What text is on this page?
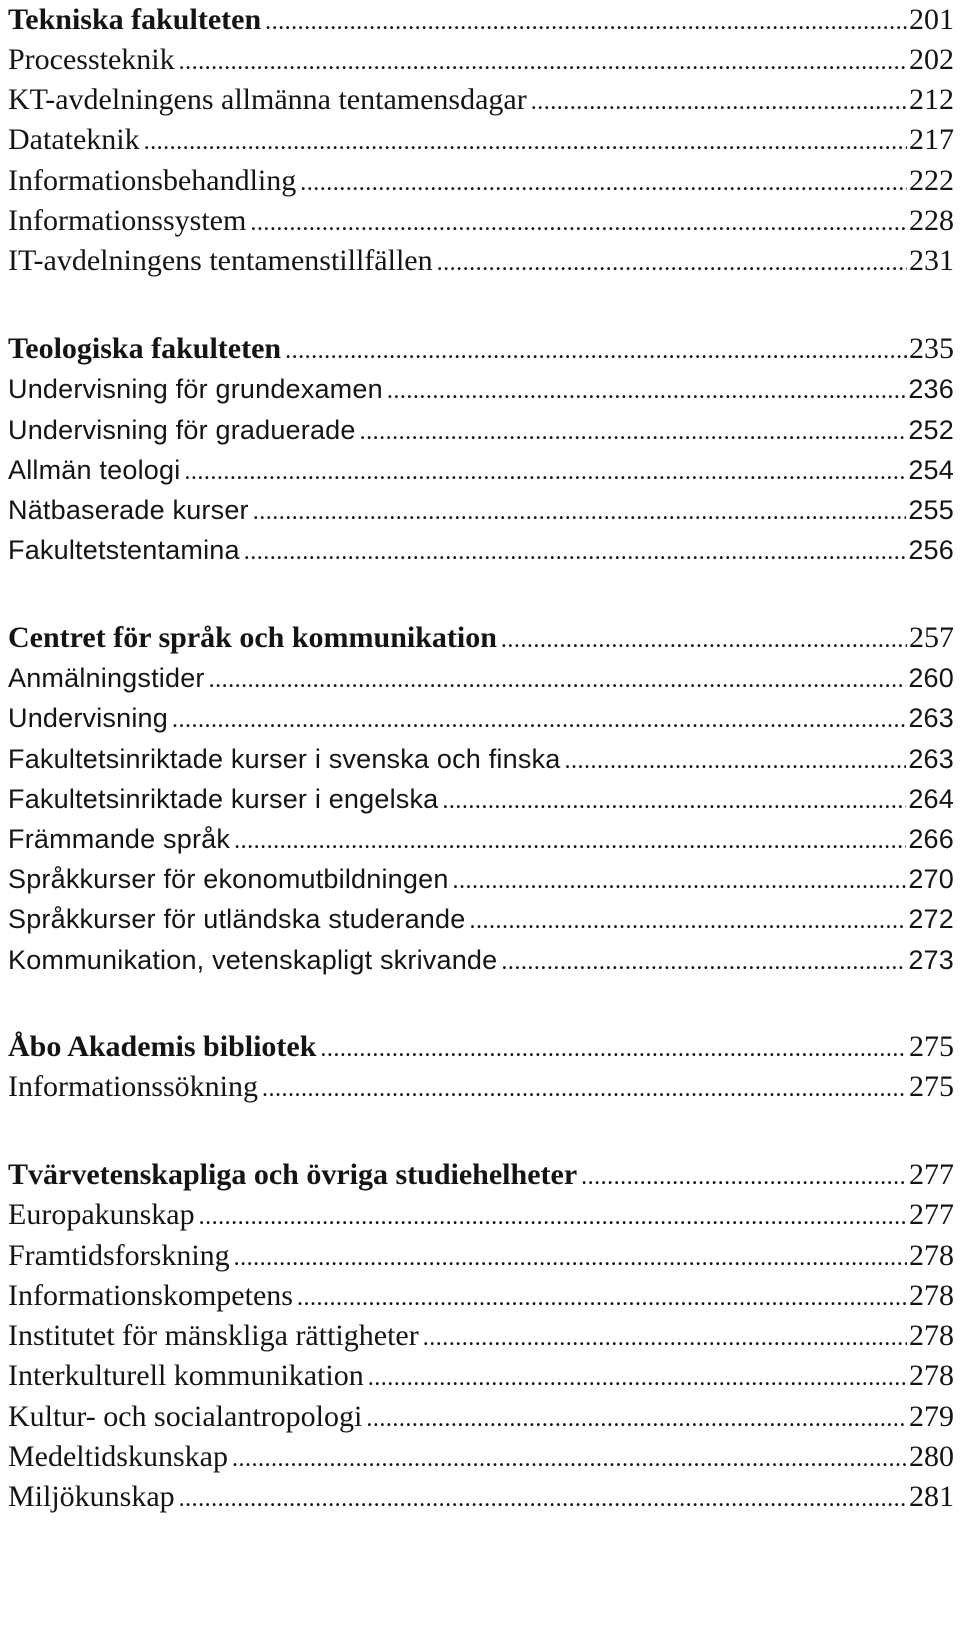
Tekniska fakulteten .....	201
Processteknik .....	202
KT-avdelningens allmänna tentamensdagar .....	212
Datateknik .....	217
Informationsbehandling .....	222
Informationssystem .....	228
IT-avdelningens tentamenstillfällen .....	231
Teologiska fakulteten .....	235
Undervisning för grundexamen .....	236
Undervisning för graduerade .....	252
Allmän teologi .....	254
Nätbaserade kurser .....	255
Fakultetstentamina .....	256
Centret för språk och kommunikation .....	257
Anmälningstider .....	260
Undervisning .....	263
Fakultetsinriktade kurser i svenska och finska .....	263
Fakultetsinriktade kurser i engelska .....	264
Främmande språk .....	266
Språkkurser för ekonomutbildningen .....	270
Språkkurser för utländska studerande .....	272
Kommunikation, vetenskapligt skrivande .....	273
Åbo Akademis bibliotek .....	275
Informationssökning .....	275
Tvärvetenskapliga och övriga studiehelheter .....	277
Europakunskap .....	277
Framtidsforskning .....	278
Informationskompetens .....	278
Institutet för mänskliga rättigheter .....	278
Interkulturell kommunikation .....	278
Kultur- och socialantropologi .....	279
Medeltidskunskap .....	280
Miljökunskap .....	281
